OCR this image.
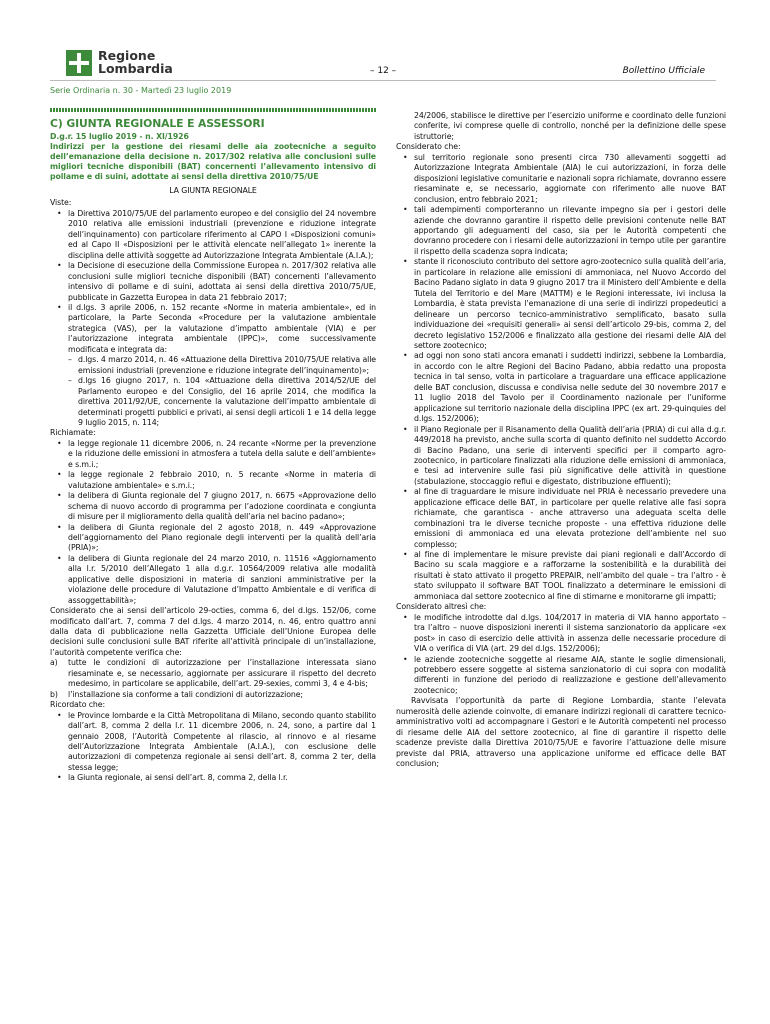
Regione
Lombardia	– 12 –	Bollettino Ufficiale
Serie Ordinaria n. 30 - Martedì 23 luglio 2019
C) GIUNTA REGIONALE E ASSESSORI
D.g.r. 15 luglio 2019 - n. XI/1926
Indirizzi per la gestione dei riesami delle aia zootecniche a seguito dell’emanazione della decisione n. 2017/302 relativa alle conclusioni sulle migliori tecniche disponibili (BAT) concernenti l’allevamento intensivo di pollame e di suini, adottate ai sensi della direttiva 2010/75/UE
LA GIUNTA REGIONALE

Viste:

• la Direttiva 2010/75/UE del parlamento europeo e del consiglio del 24 novembre 2010 relativa alle emissioni industriali (prevenzione e riduzione integrate dell’inquinamento) con particolare riferimento al CAPO I «Disposizioni comuni» ed al Capo II «Disposizioni per le attività elencate nell’allegato 1» inerente la disciplina delle attività soggette ad Autorizzazione Integrata Ambientale (A.I.A.);
• la Decisione di esecuzione della Commissione Europea n. 2017/302 relativa alle conclusioni sulle migliori tecniche disponibili (BAT) concernenti l’allevamento intensivo di pollame e di suini, adottata ai sensi della direttiva 2010/75/UE, pubblicate in Gazzetta Europea in data 21 febbraio 2017;
• il d.lgs. 3 aprile 2006, n. 152 recante «Norme in materia ambientale», ed in particolare, la Parte Seconda «Procedure per la valutazione ambientale strategica (VAS), per la valutazione d’impatto ambientale (VIA) e per l’autorizzazione integrata ambientale (IPPC)», come successivamente modificata e integrata da:
– d.lgs. 4 marzo 2014, n. 46 «Attuazione della Direttiva 2010/75/UE relativa alle emissioni industriali (prevenzione e riduzione integrate dell’inquinamento)»;
– d.lgs 16 giugno 2017, n. 104 «Attuazione della direttiva 2014/52/UE del Parlamento europeo e del Consiglio, del 16 aprile 2014, che modifica la direttiva 2011/92/UE, concernente la valutazione dell’impatto ambientale di determinati progetti pubblici e privati, ai sensi degli articoli 1 e 14 della legge 9 luglio 2015, n. 114;

Richiamate:

• la legge regionale 11 dicembre 2006, n. 24 recante «Norme per la prevenzione e la riduzione delle emissioni in atmosfera a tutela della salute e dell’ambiente» e s.m.i.;
• la legge regionale 2 febbraio 2010, n. 5 recante «Norme in materia di valutazione ambientale» e s.m.i.;
• la delibera di Giunta regionale del 7 giugno 2017, n. 6675 «Approvazione dello schema di nuovo accordo di programma per l’adozione coordinata e congiunta di misure per il miglioramento della qualità dell’aria nel bacino padano»;
• la delibera di Giunta regionale del 2 agosto 2018, n. 449 «Approvazione dell’aggiornamento del Piano regionale degli interventi per la qualità dell’aria (PRIA)»;
• la delibera di Giunta regionale del 24 marzo 2010, n. 11516 «Aggiornamento alla l.r. 5/2010 dell’Allegato 1 alla d.g.r. 10564/2009 relativa alle modalità applicative delle disposizioni in materia di sanzioni amministrative per la violazione delle procedure di Valutazione d’Impatto Ambientale e di verifica di assoggettabilità»;

Considerato che ai sensi dell’articolo 29-octies, comma 6, del d.lgs. 152/06, come modificato dall’art. 7, comma 7 del d.lgs. 4 marzo 2014, n. 46, entro quattro anni dalla data di pubblicazione nella Gazzetta Ufficiale dell’Unione Europea delle decisioni sulle conclusioni sulle BAT riferite all’attività principale di un’installazione, l’autorità competente verifica che:

a) tutte le condizioni di autorizzazione per l’installazione interessata siano riesaminate e, se necessario, aggiornate per assicurare il rispetto del decreto medesimo, in particolare se applicabile, dell’art. 29-sexies, commi 3, 4 e 4-bis;
b) l’installazione sia conforme a tali condizioni di autorizzazione;

Ricordato che:

• le Province lombarde e la Città Metropolitana di Milano, secondo quanto stabilito dall’art. 8, comma 2 della l.r. 11 dicembre 2006, n. 24, sono, a partire dal 1 gennaio 2008, l’Autorità Competente al rilascio, al rinnovo e al riesame dell’Autorizzazione Integrata Ambientale (A.I.A.), con esclusione delle autorizzazioni di competenza regionale ai sensi dell’art. 8, comma 2 ter, della stessa legge;
• la Giunta regionale, ai sensi dell’art. 8, comma 2, della l.r.

24/2006, stabilisce le direttive per l’esercizio uniforme e coordinato delle funzioni conferite, ivi comprese quelle di controllo, nonché per la definizione delle spese istruttorie;

Considerato che:

• sul territorio regionale sono presenti circa 730 allevamenti soggetti ad Autorizzazione Integrata Ambientale (AIA) le cui autorizzazioni, in forza delle disposizioni legislative comunitarie e nazionali sopra richiamate, dovranno essere riesaminate e, se necessario, aggiornate con riferimento alle nuove BAT conclusion, entro febbraio 2021;
• tali adempimenti comporteranno un rilevante impegno sia per i gestori delle aziende che dovranno garantire il rispetto delle previsioni contenute nelle BAT apportando gli adeguamenti del caso, sia per le Autorità competenti che dovranno procedere con i riesami delle autorizzazioni in tempo utile per garantire il rispetto della scadenza sopra indicata;
• stante il riconosciuto contributo del settore agro-zootecnico sulla qualità dell’aria, in particolare in relazione alle emissioni di ammoniaca, nel Nuovo Accordo del Bacino Padano siglato in data 9 giugno 2017 tra il Ministero dell’Ambiente e della Tutela del Territorio e del Mare (MATTM) e le Regioni interessate, ivi inclusa la Lombardia, è stata prevista l’emanazione di una serie di indirizzi propedeutici a delineare un percorso tecnico-amministrativo semplificato, basato sulla individuazione dei «requisiti generali» ai sensi dell’articolo 29-bis, comma 2, del decreto legislativo 152/2006 e finalizzato alla gestione dei riesami delle AIA del settore zootecnico;
• ad oggi non sono stati ancora emanati i suddetti indirizzi, sebbene la Lombardia, in accordo con le altre Regioni del Bacino Padano, abbia redatto una proposta tecnica in tal senso, volta in particolare a traguardare una efficace applicazione delle BAT conclusion, discussa e condivisa nelle sedute del 30 novembre 2017 e 11 luglio 2018 del Tavolo per il Coordinamento nazionale per l’uniforme applicazione sul territorio nazionale della disciplina IPPC (ex art. 29-quinquies del d.lgs. 152/2006);
• il Piano Regionale per il Risanamento della Qualità dell’aria (PRIA) di cui alla d.g.r. 449/2018 ha previsto, anche sulla scorta di quanto definito nel suddetto Accordo di Bacino Padano, una serie di interventi specifici per il comparto agro-zootecnico, in particolare finalizzati alla riduzione delle emissioni di ammoniaca, e tesi ad intervenire sulle fasi più significative delle attività in questione (stabulazione, stoccaggio reflui e digestato, distribuzione effluenti);
• al fine di traguardare le misure individuate nel PRIA è necessario prevedere una applicazione efficace delle BAT, in particolare per quelle relative alle fasi sopra richiamate, che garantisca - anche attraverso una adeguata scelta delle combinazioni tra le diverse tecniche proposte - una effettiva riduzione delle emissioni di ammoniaca ed una elevata protezione dell’ambiente nel suo complesso;
• al fine di implementare le misure previste dai piani regionali e dall’Accordo di Bacino su scala maggiore e a rafforzarne la sostenibilità e la durabilità dei risultati è stato attivato il progetto PREPAIR, nell’ambito del quale – tra l’altro - è stato sviluppato il software BAT TOOL finalizzato a determinare le emissioni di ammoniaca dal settore zootecnico al fine di stimarne e monitorarne gli impatti;

Considerato altresì che:

• le modifiche introdotte dal d.lgs. 104/2017 in materia di VIA hanno apportato – tra l’altro – nuove disposizioni inerenti il sistema sanzionatorio da applicare «ex post» in caso di esercizio delle attività in assenza delle necessarie procedure di VIA o verifica di VIA (art. 29 del d.lgs. 152/2006);
• le aziende zootecniche soggette al riesame AIA, stante le soglie dimensionali, potrebbero essere soggette al sistema sanzionatorio di cui sopra con modalità differenti in funzione del periodo di realizzazione e gestione dell’allevamento zootecnico;

Ravvisata l’opportunità da parte di Regione Lombardia, stante l’elevata numerosità delle aziende coinvolte, di emanare indirizzi regionali di carattere tecnico-amministrativo volti ad accompagnare i Gestori e le Autorità competenti nel processo di riesame delle AIA del settore zootecnico, al fine di garantire il rispetto delle scadenze previste dalla Direttiva 2010/75/UE e favorire l’attuazione delle misure previste dal PRIA, attraverso una applicazione uniforme ed efficace delle BAT conclusion;
